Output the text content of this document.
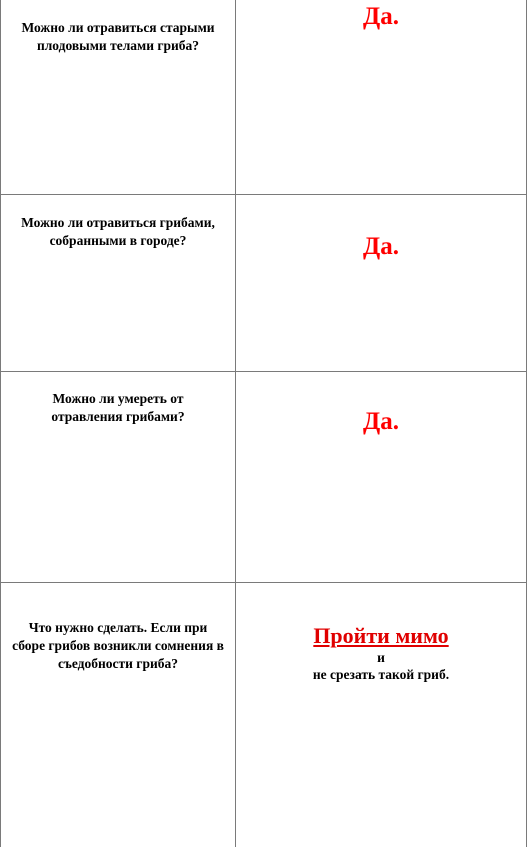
Можно ли отравиться старыми плодовыми телами гриба?
Да.
Можно ли отравиться грибами, собранными в городе?	Да.
Можно ли умереть от отравления грибами?	Да.
Что нужно сделать. Если при сборе грибов возникли сомнения в съедобности гриба?
Пройти мимо
и
не срезать такой гриб.
